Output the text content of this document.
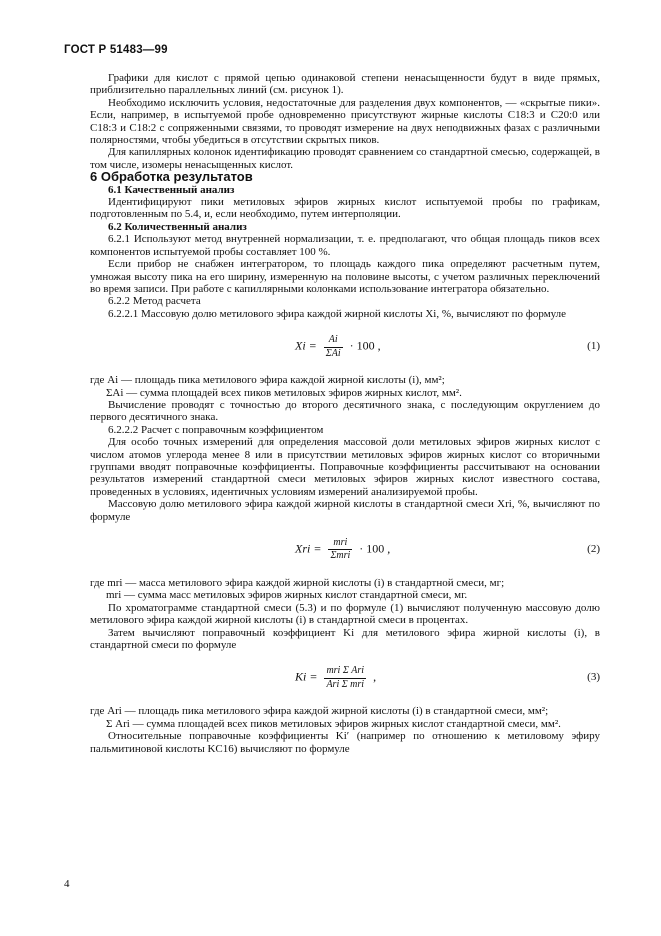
ГОСТ Р 51483—99

Графики для кислот с прямой цепью одинаковой степени ненасыщенности будут в виде прямых, приблизительно параллельных линий (см. рисунок 1).

Необходимо исключить условия, недостаточные для разделения двух компонентов, — «скрытые пики». Если, например, в испытуемой пробе одновременно присутствуют жирные кислоты C18:3 и C20:0 или C18:3 и C18:2 с сопряженными связями, то проводят измерение на двух неподвижных фазах с различными полярностями, чтобы убедиться в отсутствии скрытых пиков.

Для капиллярных колонок идентификацию проводят сравнением со стандартной смесью, содержащей, в том числе, изомеры ненасыщенных кислот.

6 Обработка результатов

6.1 Качественный анализ

Идентифицируют пики метиловых эфиров жирных кислот испытуемой пробы по графикам, подготовленным по 5.4, и, если необходимо, путем интерполяции.

6.2 Количественный анализ

6.2.1 Используют метод внутренней нормализации, т. е. предполагают, что общая площадь пиков всех компонентов испытуемой пробы составляет 100 %.

Если прибор не снабжен интегратором, то площадь каждого пика определяют расчетным путем, умножая высоту пика на его ширину, измеренную на половине высоты, с учетом различных переключений во время записи. При работе с капиллярными колонками использование интегратора обязательно.

6.2.2 Метод расчета

6.2.2.1 Массовую долю метилового эфира каждой жирной кислоты Xi, %, вычисляют по формуле

$Xi = \frac{Ai}{\text{ΣAi}} \cdot 100$ ,	(1)

где Ai — площадь пика метилового эфира каждой жирной кислоты (i), мм²;

ΣAi — сумма площадей всех пиков метиловых эфиров жирных кислот, мм².

Вычисление проводят с точностью до второго десятичного знака, с последующим округлением до первого десятичного знака.

6.2.2.2 Расчет с поправочным коэффициентом

Для особо точных измерений для определения массовой доли метиловых эфиров жирных кислот с числом атомов углерода менее 8 или в присутствии метиловых эфиров жирных кислот со вторичными группами вводят поправочные коэффициенты. Поправочные коэффициенты рассчитывают на основании результатов измерений стандартной смеси метиловых эфиров жирных кислот известного состава, проведенных в условиях, идентичных условиям измерений анализируемой пробы.

Массовую долю метилового эфира каждой жирной кислоты в стандартной смеси Xri, %, вычисляют по формуле

Xri = $\frac{\text{mri}}{\text{Σmri}} \cdot 100$ ,	(2)

где mri — масса метилового эфира каждой жирной кислоты (i) в стандартной смеси, мг;

mri — сумма масс метиловых эфиров жирных кислот стандартной смеси, мг.

По хроматограмме стандартной смеси (5.3) и по формуле (1) вычисляют полученную массовую долю метилового эфира каждой жирной кислоты (i) в стандартной смеси в процентах.

Затем вычисляют поправочный коэффициент Ki для метилового эфира жирной кислоты (i), в стандартной смеси по формуле

$Ki = \frac{\text{mri Σ Ari}}{\text{Ari Σ mri}}$ ,	(3)

где Ari — площадь пика метилового эфира каждой жирной кислоты (i) в стандартной смеси, мм²;

Σ Ari — сумма площадей всех пиков метиловых эфиров жирных кислот стандартной смеси, мм².

Относительные поправочные коэффициенты Ki′ (например по отношению к метиловому эфиру пальмитиновой кислоты KC16) вычисляют по формуле

4
